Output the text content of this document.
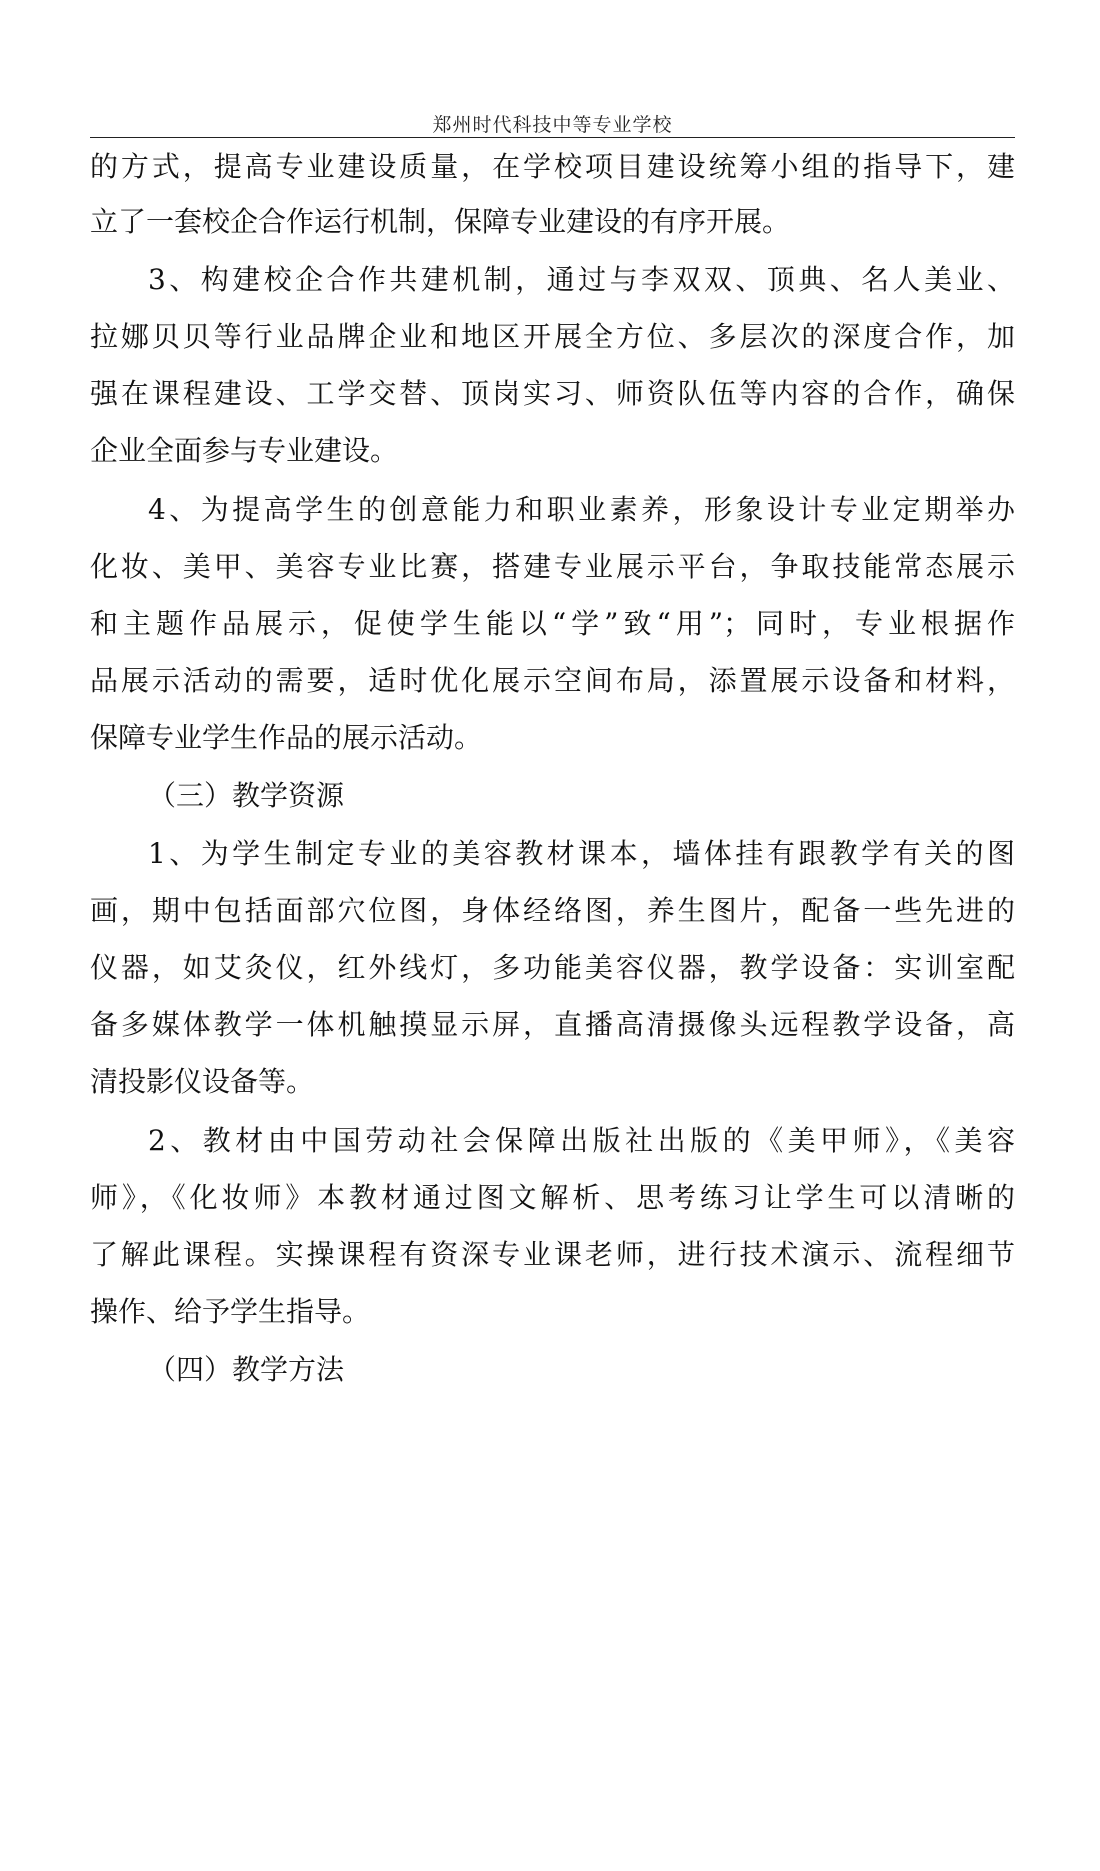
郑州时代科技中等专业学校
的方式，提高专业建设质量，在学校项目建设统筹小组的指导下，建
立了一套校企合作运行机制，保障专业建设的有序开展。
3、构建校企合作共建机制，通过与李双双、顶典、名人美业、
拉娜贝贝等行业品牌企业和地区开展全方位、多层次的深度合作，加
强在课程建设、工学交替、顶岗实习、师资队伍等内容的合作，确保
企业全面参与专业建设。
4、为提高学生的创意能力和职业素养，形象设计专业定期举办
化妆、美甲、美容专业比赛，搭建专业展示平台，争取技能常态展示
和主题作品展示，促使学生能以“学”致“用”；同时，专业根据作
品展示活动的需要，适时优化展示空间布局，添置展示设备和材料，
保障专业学生作品的展示活动。
（三）教学资源
1、为学生制定专业的美容教材课本，墙体挂有跟教学有关的图
画，期中包括面部穴位图，身体经络图，养生图片，配备一些先进的
仪器，如艾灸仪，红外线灯，多功能美容仪器，教学设备：实训室配
备多媒体教学一体机触摸显示屏，直播高清摄像头远程教学设备，高
清投影仪设备等。
2、教材由中国劳动社会保障出版社出版的《美甲师》，《美容
师》，《化妆师》本教材通过图文解析、思考练习让学生可以清晰的
了解此课程。实操课程有资深专业课老师，进行技术演示、流程细节
操作、给予学生指导。
（四）教学方法
